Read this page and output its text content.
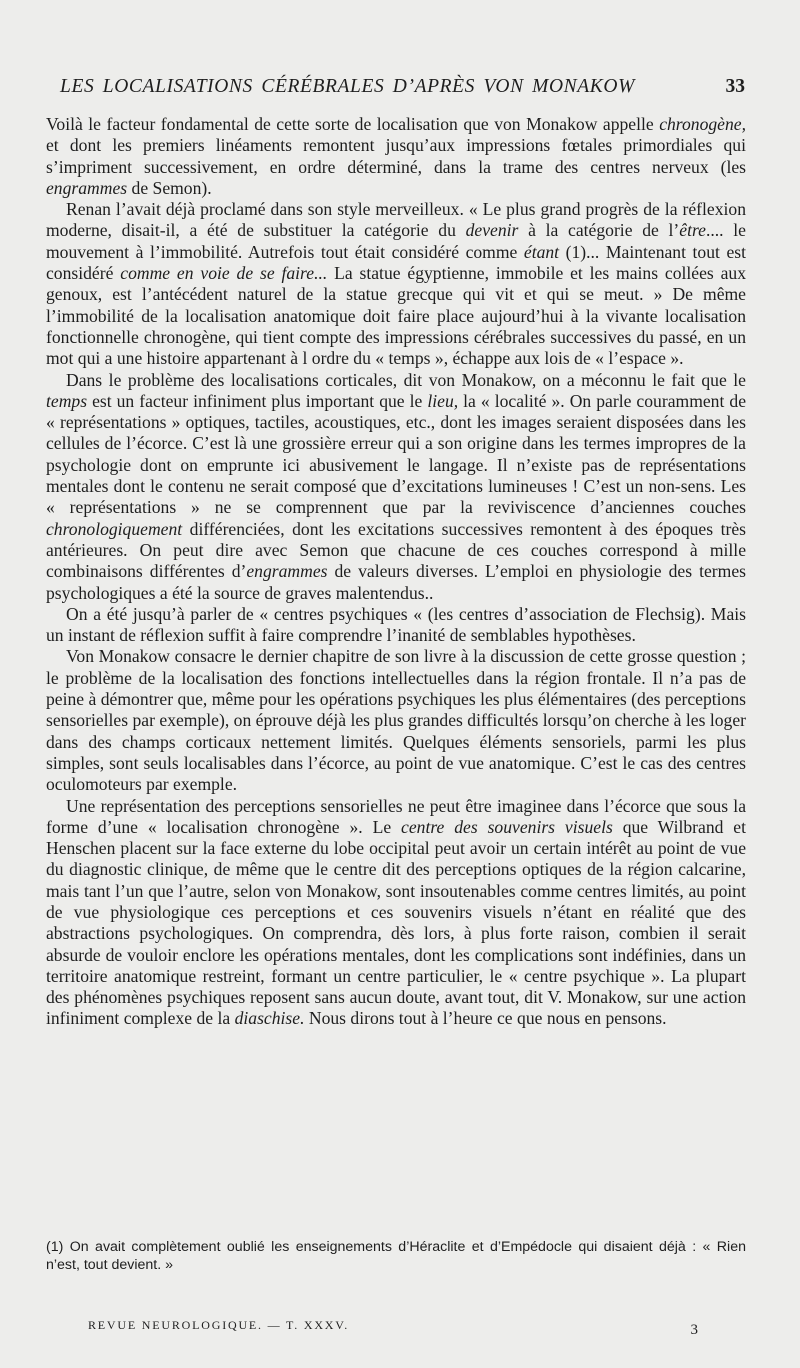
LES LOCALISATIONS CÉRÉBRALES D’APRÈS VON MONAKOW	33

Voilà le facteur fondamental de cette sorte de localisation que von Monakow appelle chronogène, et dont les premiers linéaments remontent jusqu’aux impressions fœtales primordiales qui s’impriment successivement, en ordre déterminé, dans la trame des centres nerveux (les engrammes de Semon).

Renan l’avait déjà proclamé dans son style merveilleux. « Le plus grand progrès de la réflexion moderne, disait-il, a été de substituer la catégorie du devenir à la catégorie de l’être.... le mouvement à l’immobilité. Autrefois tout était considéré comme étant (1)... Maintenant tout est considéré comme en voie de se faire... La statue égyptienne, immobile et les mains collées aux genoux, est l’antécédent naturel de la statue grecque qui vit et qui se meut. » De même l’immobilité de la localisation anatomique doit faire place aujourd’hui à la vivante localisation fonctionnelle chronogène, qui tient compte des impressions cérébrales successives du passé, en un mot qui a une histoire appartenant à l ordre du « temps », échappe aux lois de « l’espace ».

Dans le problème des localisations corticales, dit von Monakow, on a méconnu le fait que le temps est un facteur infiniment plus important que le lieu, la « localité ». On parle couramment de « représentations » optiques, tactiles, acoustiques, etc., dont les images seraient disposées dans les cellules de l’écorce. C’est là une grossière erreur qui a son origine dans les termes impropres de la psychologie dont on emprunte ici abusivement le langage. Il n’existe pas de représentations mentales dont le contenu ne serait composé que d’excitations lumineuses ! C’est un non-sens. Les « représentations » ne se comprennent que par la reviviscence d’anciennes couches chronologiquement différenciées, dont les excitations successives remontent à des époques très antérieures. On peut dire avec Semon que chacune de ces couches correspond à mille combinaisons différentes d’engrammes de valeurs diverses. L’emploi en physiologie des termes psychologiques a été la source de graves malentendus..

On a été jusqu’à parler de « centres psychiques « (les centres d’association de Flechsig). Mais un instant de réflexion suffit à faire comprendre l’inanité de semblables hypothèses.

Von Monakow consacre le dernier chapitre de son livre à la discussion de cette grosse question ; le problème de la localisation des fonctions intellectuelles dans la région frontale. Il n’a pas de peine à démontrer que, même pour les opérations psychiques les plus élémentaires (des perceptions sensorielles par exemple), on éprouve déjà les plus grandes difficultés lorsqu’on cherche à les loger dans des champs corticaux nettement limités. Quelques éléments sensoriels, parmi les plus simples, sont seuls localisables dans l’écorce, au point de vue anatomique. C’est le cas des centres oculomoteurs par exemple.

Une représentation des perceptions sensorielles ne peut être imaginee dans l’écorce que sous la forme d’une « localisation chronogène ». Le centre des souvenirs visuels que Wilbrand et Henschen placent sur la face externe du lobe occipital peut avoir un certain intérêt au point de vue du diagnostic clinique, de même que le centre dit des perceptions optiques de la région calcarine, mais tant l’un que l’autre, selon von Monakow, sont insoutenables comme centres limités, au point de vue physiologique ces perceptions et ces souvenirs visuels n’étant en réalité que des abstractions psychologiques. On comprendra, dès lors, à plus forte raison, combien il serait absurde de vouloir enclore les opérations mentales, dont les complications sont indéfinies, dans un territoire anatomique restreint, formant un centre particulier, le « centre psychique ». La plupart des phénomènes psychiques reposent sans aucun doute, avant tout, dit V. Monakow, sur une action infiniment complexe de la diaschise. Nous dirons tout à l’heure ce que nous en pensons.

(1) On avait complètement oublié les enseignements d’Héraclite et d’Empédocle qui disaient déjà : « Rien n’est, tout devient. »
REVUE NEUROLOGIQUE. — T. XXXV.	3
